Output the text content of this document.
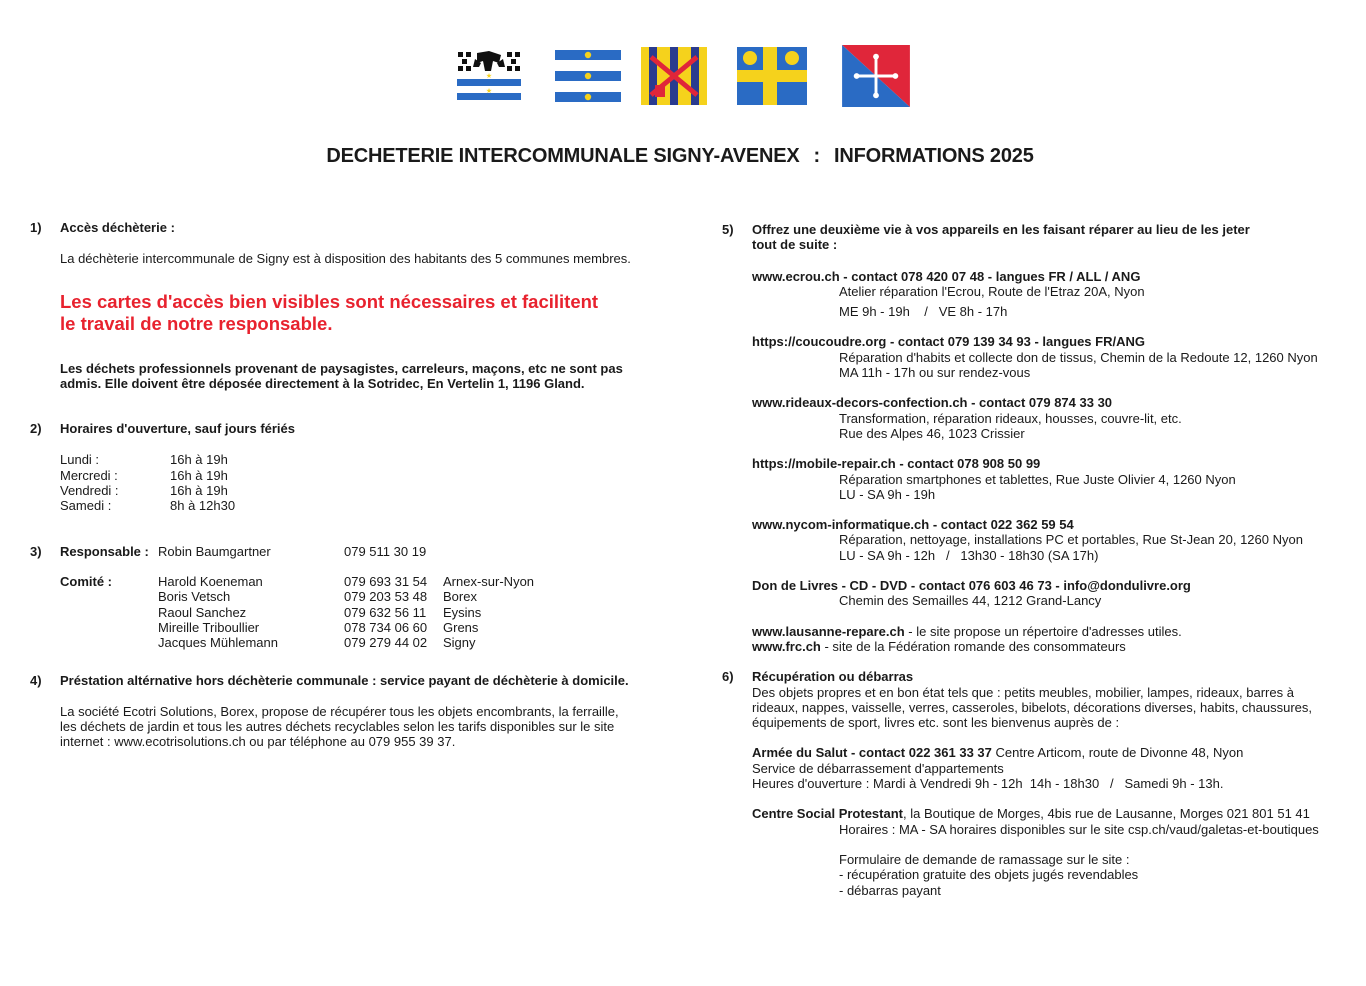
★
★
DECHETERIE INTERCOMMUNALE SIGNY-AVENEX : INFORMATIONS 2025
1) Accès déchèterie :
La déchèterie intercommunale de Signy est à disposition des habitants des 5 communes membres.
Les cartes d'accès bien visibles sont nécessaires et facilitent
le travail de notre responsable.
Les déchets professionnels provenant de paysagistes, carreleurs, maçons, etc ne sont pas
admis. Elle doivent être déposée directement à la Sotridec, En Vertelin 1, 1196 Gland.
2) Horaires d'ouverture, sauf jours fériés
Lundi :	16h à 19h
Mercredi :	16h à 19h
Vendredi :	16h à 19h
Samedi :	8h à 12h30
3) Responsable :	Robin Baumgartner	079 511 30 19	

Comité :	Harold Koeneman	079 693 31 54	Arnex-sur-Nyon
	Boris Vetsch	079 203 53 48	Borex
	Raoul Sanchez	079 632 56 11	Eysins
	Mireille Triboullier	078 734 06 60	Grens
	Jacques Mühlemann	079 279 44 02	Signy
4) Préstation altérnative hors déchèterie communale : service payant de déchèterie à domicile.
La société Ecotri Solutions, Borex, propose de récupérer tous les objets encombrants, la ferraille,
les déchets de jardin et tous les autres déchets recyclables selon les tarifs disponibles sur le site
internet : www.ecotrisolutions.ch ou par téléphone au 079 955 39 37.
5) Offrez une deuxième vie à vos appareils en les faisant réparer au lieu de les jeter
tout de suite :
www.ecrou.ch - contact 078 420 07 48 - langues FR / ALL / ANG
Atelier réparation l'Ecrou, Route de l'Etraz 20A, Nyon
ME 9h - 19h    /   VE 8h - 17h
https://coucoudre.org - contact 079 139 34 93 - langues FR/ANG
Réparation d'habits et collecte don de tissus, Chemin de la Redoute 12, 1260 Nyon
MA 11h - 17h ou sur rendez-vous
www.rideaux-decors-confection.ch - contact 079 874 33 30
Transformation, réparation rideaux, housses, couvre-lit, etc.
Rue des Alpes 46, 1023 Crissier
https://mobile-repair.ch - contact 078 908 50 99
Réparation smartphones et tablettes, Rue Juste Olivier 4, 1260 Nyon
LU - SA 9h - 19h
www.nycom-informatique.ch - contact 022 362 59 54
Réparation, nettoyage, installations PC et portables, Rue St-Jean 20, 1260 Nyon
LU - SA 9h - 12h   /   13h30 - 18h30 (SA 17h)
Don de Livres - CD - DVD - contact 076 603 46 73 - info@dondulivre.org
Chemin des Semailles 44, 1212 Grand-Lancy
www.lausanne-repare.ch - le site propose un répertoire d'adresses utiles.
www.frc.ch - site de la Fédération romande des consommateurs
6) Récupération ou débarras
Des objets propres et en bon état tels que : petits meubles, mobilier, lampes, rideaux, barres à
rideaux, nappes, vaisselle, verres, casseroles, bibelots, décorations diverses, habits, chaussures,
équipements de sport, livres etc. sont les bienvenus auprès de :
Armée du Salut - contact 022 361 33 37 Centre Articom, route de Divonne 48, Nyon
Service de débarrassement d'appartements
Heures d'ouverture : Mardi à Vendredi 9h - 12h  14h - 18h30   /   Samedi 9h - 13h.
Centre Social Protestant, la Boutique de Morges, 4bis rue de Lausanne, Morges 021 801 51 41
Horaires : MA - SA horaires disponibles sur le site csp.ch/vaud/galetas-et-boutiques
Formulaire de demande de ramassage sur le site :
- récupération gratuite des objets jugés revendables
- débarras payant
